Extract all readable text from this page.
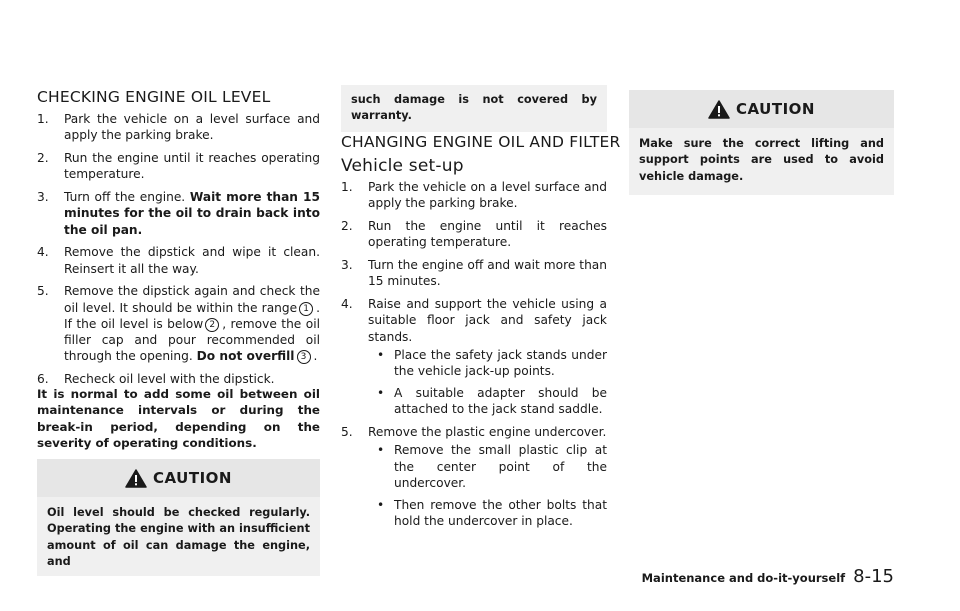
CHECKING ENGINE OIL LEVEL
1. Park the vehicle on a level surface and apply the parking brake.
2. Run the engine until it reaches operating temperature.
3. Turn off the engine. Wait more than 15 minutes for the oil to drain back into the oil pan.
4. Remove the dipstick and wipe it clean. Reinsert it all the way.
5. Remove the dipstick again and check the oil level. It should be within the range 1 . If the oil level is below 2 , remove the oil filler cap and pour recommended oil through the opening. Do not overfill 3 .
6. Recheck oil level with the dipstick.

It is normal to add some oil between oil maintenance intervals or during the break-in period, depending on the severity of operating conditions.

CAUTION
Oil level should be checked regularly. Operating the engine with an insufficient amount of oil can damage the engine, and
such damage is not covered by warranty.
CHANGING ENGINE OIL AND FILTER
Vehicle set-up
1. Park the vehicle on a level surface and apply the parking brake.
2. Run the engine until it reaches operating temperature.
3. Turn the engine off and wait more than 15 minutes.
4. Raise and support the vehicle using a suitable floor jack and safety jack stands.
• Place the safety jack stands under the vehicle jack-up points.
• A suitable adapter should be attached to the jack stand saddle.
5. Remove the plastic engine undercover.
• Remove the small plastic clip at the center point of the undercover.
• Then remove the other bolts that hold the undercover in place.
CAUTION
Make sure the correct lifting and support points are used to avoid vehicle damage.
Maintenance and do-it-yourself 8-15
